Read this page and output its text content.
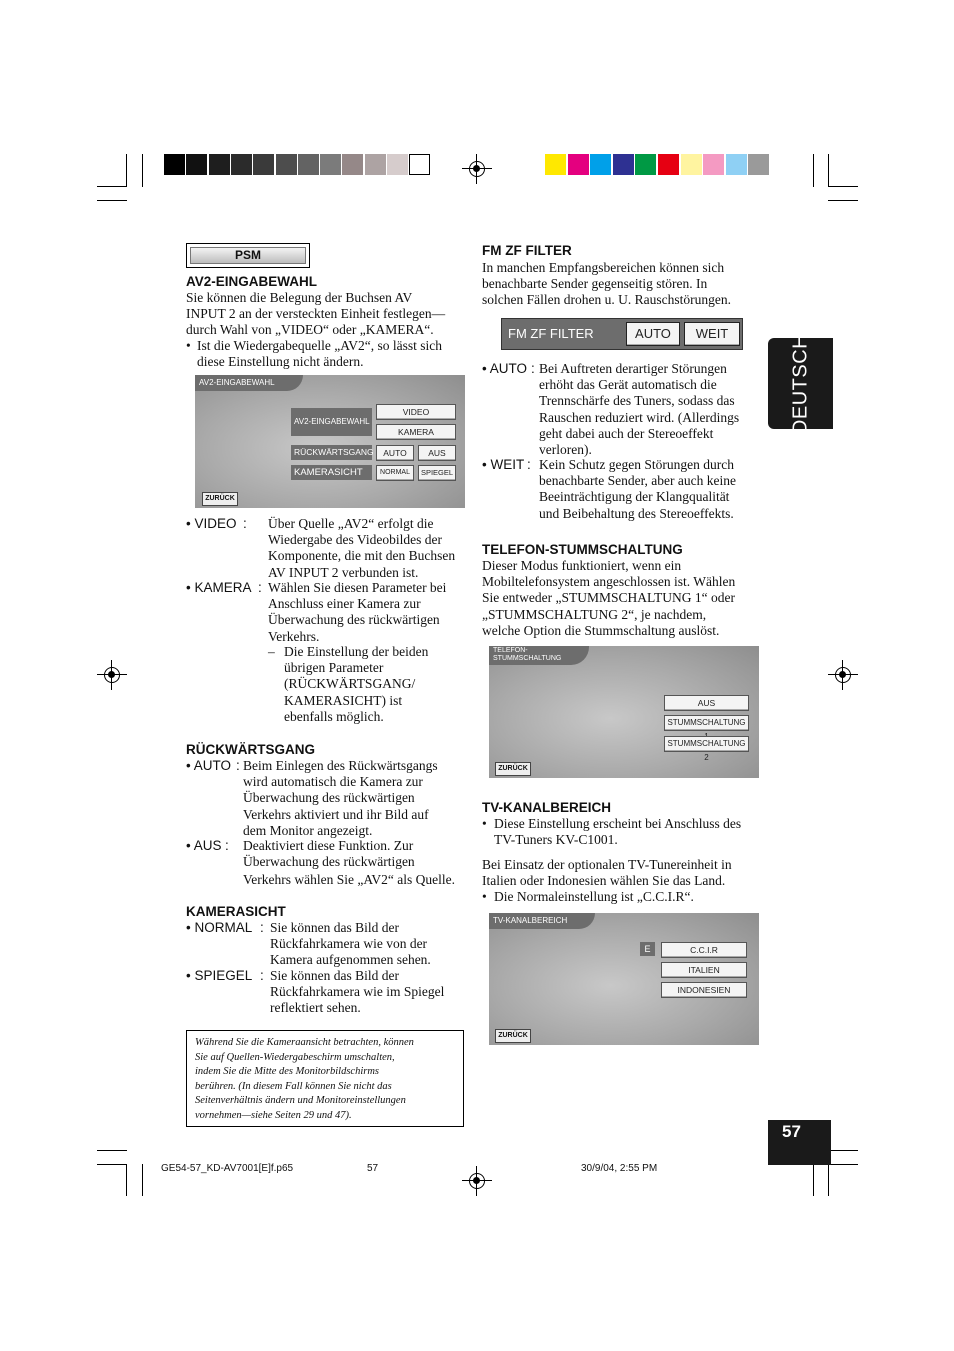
PSM
AV2-EINGABEWAHL
Sie können die Belegung der Buchsen AV
INPUT 2 an der versteckten Einheit festlegen—
durch Wahl von „VIDEO“ oder „KAMERA“.
• Ist die Wiedergabequelle „AV2“, so lässt sich
diese Einstellung nicht ändern.
AV2-EINGABEWAHL
AV2-EINGABEWAHL
VIDEO
KAMERA
RÜCKWÄRTSGANG	AUTO	AUS
KAMERASICHT	NORMAL	SPIEGEL
ZURÜCK
• VIDEO : Über Quelle „AV2“ erfolgt die
Wiedergabe des Videobildes der
Komponente, die mit den Buchsen
AV INPUT 2 verbunden ist.
• KAMERA : Wählen Sie diesen Parameter bei
Anschluss einer Kamera zur
Überwachung des rückwärtigen
Verkehrs.
– Die Einstellung der beiden
übrigen Parameter
(RÜCKWÄRTSGANG/
KAMERASICHT) ist
ebenfalls möglich.
RÜCKWÄRTSGANG
• AUTO : Beim Einlegen des Rückwärtsgangs
wird automatisch die Kamera zur
Überwachung des rückwärtigen
Verkehrs aktiviert und ihr Bild auf
dem Monitor angezeigt.
• AUS : Deaktiviert diese Funktion. Zur
Überwachung des rückwärtigen
Verkehrs wählen Sie „AV2“ als Quelle.
KAMERASICHT
• NORMAL : Sie können das Bild der
Rückfahrkamera wie von der
Kamera aufgenommen sehen.
• SPIEGEL : Sie können das Bild der
Rückfahrkamera wie im Spiegel
reflektiert sehen.
Während Sie die Kameraansicht betrachten, können
Sie auf Quellen-Wiedergabeschirm umschalten,
indem Sie die Mitte des Monitorbildschirms
berühren. (In diesem Fall können Sie nicht das
Seitenverhältnis ändern und Monitoreinstellungen
vornehmen—siehe Seiten 29 und 47).
FM ZF FILTER
In manchen Empfangsbereichen können sich
benachbarte Sender gegenseitig stören. In
solchen Fällen drohen u. U. Rauschstörungen.
FM ZF FILTER	AUTO	WEIT
• AUTO : Bei Auftreten derartiger Störungen
erhöht das Gerät automatisch die
Trennschärfe des Tuners, sodass das
Rauschen reduziert wird. (Allerdings
geht dabei auch der Stereoeffekt
verloren).
• WEIT : Kein Schutz gegen Störungen durch
benachbarte Sender, aber auch keine
Beeinträchtigung der Klangqualität
und Beibehaltung des Stereoeffekts.
TELEFON-STUMMSCHALTUNG
Dieser Modus funktioniert, wenn ein
Mobiltelefonsystem angeschlossen ist. Wählen
Sie entweder „STUMMSCHALTUNG 1“ oder
„STUMMSCHALTUNG 2“, je nachdem,
welche Option die Stummschaltung auslöst.
TELEFON-
STUMMSCHALTUNG
AUS
STUMMSCHALTUNG
STUMMSCHALTUNG 2
ZURÜCK
TV-KANALBEREICH
• Diese Einstellung erscheint bei Anschluss des
TV-Tuners KV-C1001.
Bei Einsatz der optionalen TV-Tunereinheit in
Italien oder Indonesien wählen Sie das Land.
• Die Normaleinstellung ist „C.C.I.R“.
TV-KANALBEREICH
E	C.C.I.R
ITALIEN
INDONESIEN
ZURÜCK
DEUTSCH
57
GE54-57_KD-AV7001[E]f.p65	57	30/9/04, 2:55 PM
